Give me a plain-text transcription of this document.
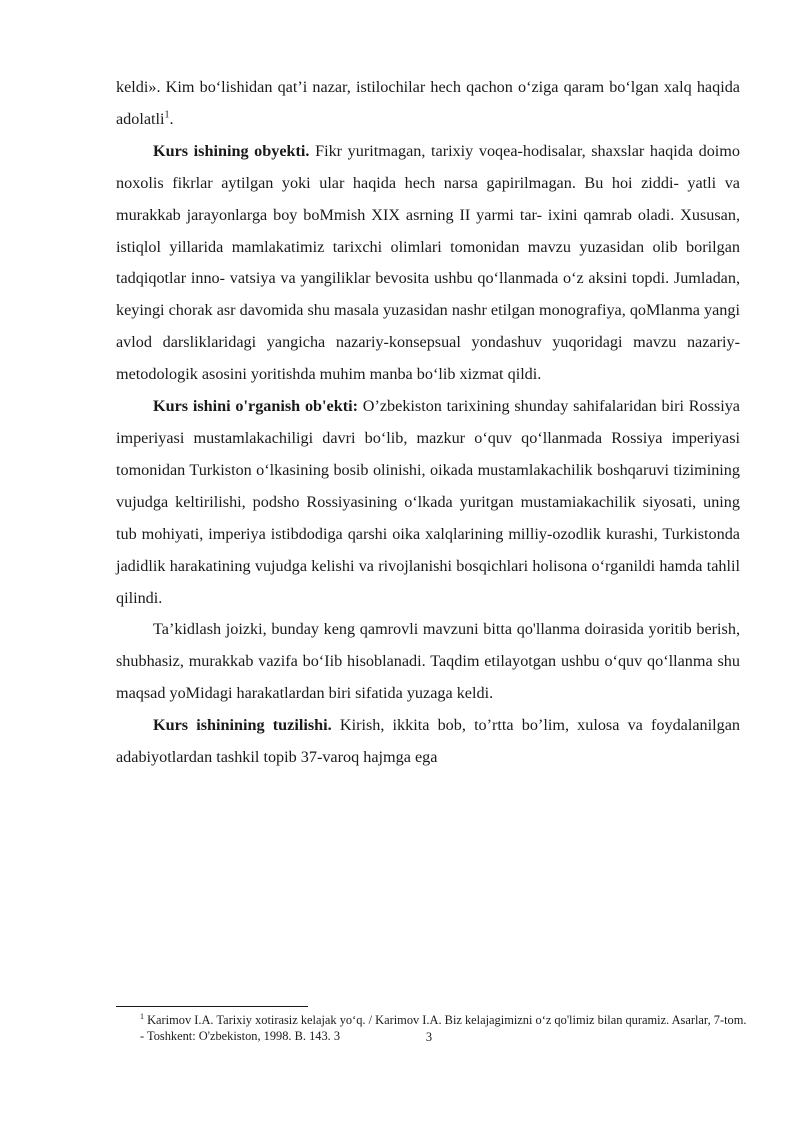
keldi». Kim bo‘lishidan qat’i nazar, istilochilar hech qachon o‘ziga qaram bo‘lgan xalq haqida adolatli$^1$.

Kurs ishining obyekti. Fikr yuritmagan, tarixiy voqea-hodisalar, shaxslar haqida doimo noxolis fikrlar aytilgan yoki ular haqida hech narsa gapirilmagan. Bu hoi ziddi- yatli va murakkab jarayonlarga boy boMmish XIX asrning II yarmi tar- ixini qamrab oladi. Xususan, istiqlol yillarida mamlakatimiz tarixchi olimlari tomonidan mavzu yuzasidan olib borilgan tadqiqotlar inno- vatsiya va yangiliklar bevosita ushbu qo‘llanmada o‘z aksini topdi. Jumladan, keyingi chorak asr davomida shu masala yuzasidan nashr etilgan monografiya, qoMlanma yangi avlod darsliklaridagi yangicha nazariy-konsepsual yondashuv yuqoridagi mavzu nazariy-metodologik asosini yoritishda muhim manba bo‘lib xizmat qildi.

Kurs ishini o'rganish ob'ekti: O’zbekiston tarixining shunday sahifalaridan biri Rossiya imperiyasi mustamlakachiligi davri bo‘lib, mazkur o‘quv qo‘llanmada Rossiya imperiyasi tomonidan Turkiston o‘lkasining bosib olinishi, oikada mustamlakachilik boshqaruvi tizimining vujudga keltirilishi, podsho Rossiyasining o‘lkada yuritgan mustamiakachilik siyosati, uning tub mohiyati, imperiya istibdodiga qarshi oika xalqlarining milliy-ozodlik kurashi, Turkistonda jadidlik harakatining vujudga kelishi va rivojlanishi bosqichlari holisona o‘rganildi hamda tahlil qilindi.

Ta’kidlash joizki, bunday keng qamrovli mavzuni bitta qo'llanma doirasida yoritib berish, shubhasiz, murakkab vazifa bo‘Iib hisoblanadi. Taqdim etilayotgan ushbu o‘quv qo‘llanma shu maqsad yoMidagi harakatlardan biri sifatida yuzaga keldi.

Kurs ishinining tuzilishi. Kirish, ikkita bob, to’rtta bo’lim, xulosa va foydalanilgan adabiyotlardan tashkil topib 37-varoq hajmga ega

$^1$ Karimov I.A. Tarixiy xotirasiz kelajak yo‘q. / Karimov I.A. Biz kelajagimizni o‘z qo'limiz bilan quramiz. Asarlar, 7-tom. - Toshkent: O'zbekiston, 1998. B. 143. 3	3
